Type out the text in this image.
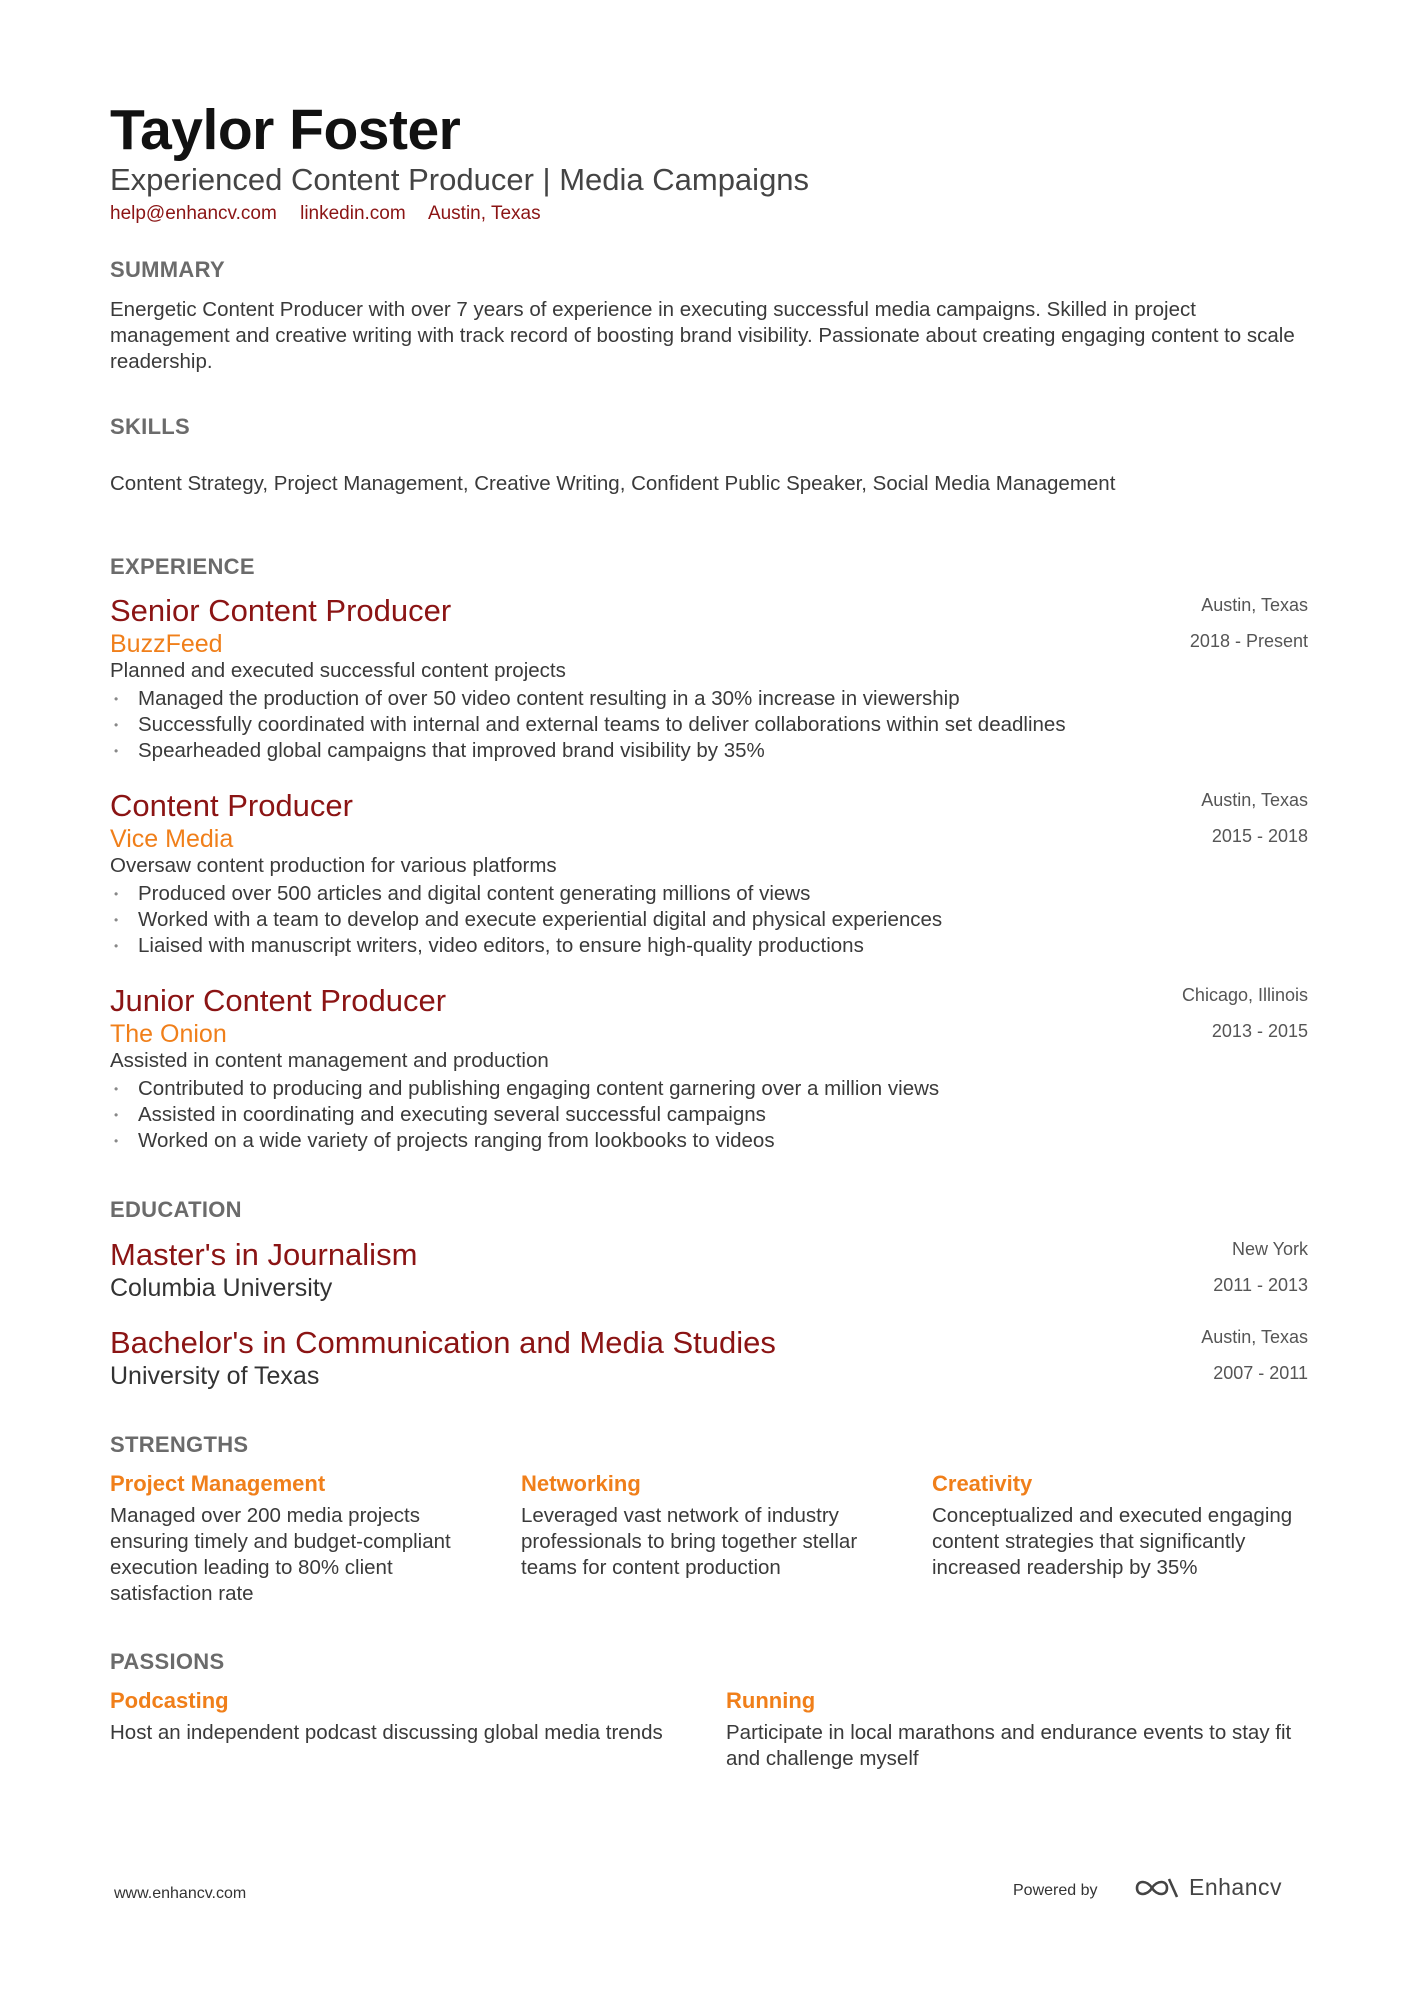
Taylor Foster
Experienced Content Producer | Media Campaigns
help@enhancv.com linkedin.com Austin, Texas
SUMMARY
Energetic Content Producer with over 7 years of experience in executing successful media campaigns. Skilled in project management and creative writing with track record of boosting brand visibility. Passionate about creating engaging content to scale readership.
SKILLS
Content Strategy, Project Management, Creative Writing, Confident Public Speaker, Social Media Management
EXPERIENCE
Senior Content Producer
BuzzFeed
Austin, Texas
2018 - Present
Planned and executed successful content projects
• Managed the production of over 50 video content resulting in a 30% increase in viewership
• Successfully coordinated with internal and external teams to deliver collaborations within set deadlines
• Spearheaded global campaigns that improved brand visibility by 35%
Content Producer
Vice Media
Austin, Texas
2015 - 2018
Oversaw content production for various platforms
• Produced over 500 articles and digital content generating millions of views
• Worked with a team to develop and execute experiential digital and physical experiences
• Liaised with manuscript writers, video editors, to ensure high-quality productions
Junior Content Producer
The Onion
Chicago, Illinois
2013 - 2015
Assisted in content management and production
• Contributed to producing and publishing engaging content garnering over a million views
• Assisted in coordinating and executing several successful campaigns
• Worked on a wide variety of projects ranging from lookbooks to videos
EDUCATION
Master's in Journalism
Columbia University
New York
2011 - 2013
Bachelor's in Communication and Media Studies
University of Texas
Austin, Texas
2007 - 2011
STRENGTHS
Project Management
Managed over 200 media projects ensuring timely and budget-compliant execution leading to 80% client satisfaction rate
Networking
Leveraged vast network of industry professionals to bring together stellar teams for content production
Creativity
Conceptualized and executed engaging content strategies that significantly increased readership by 35%
PASSIONS
Podcasting
Host an independent podcast discussing global media trends
Running
Participate in local marathons and endurance events to stay fit and challenge myself
www.enhancv.com	Powered by	Enhancv
